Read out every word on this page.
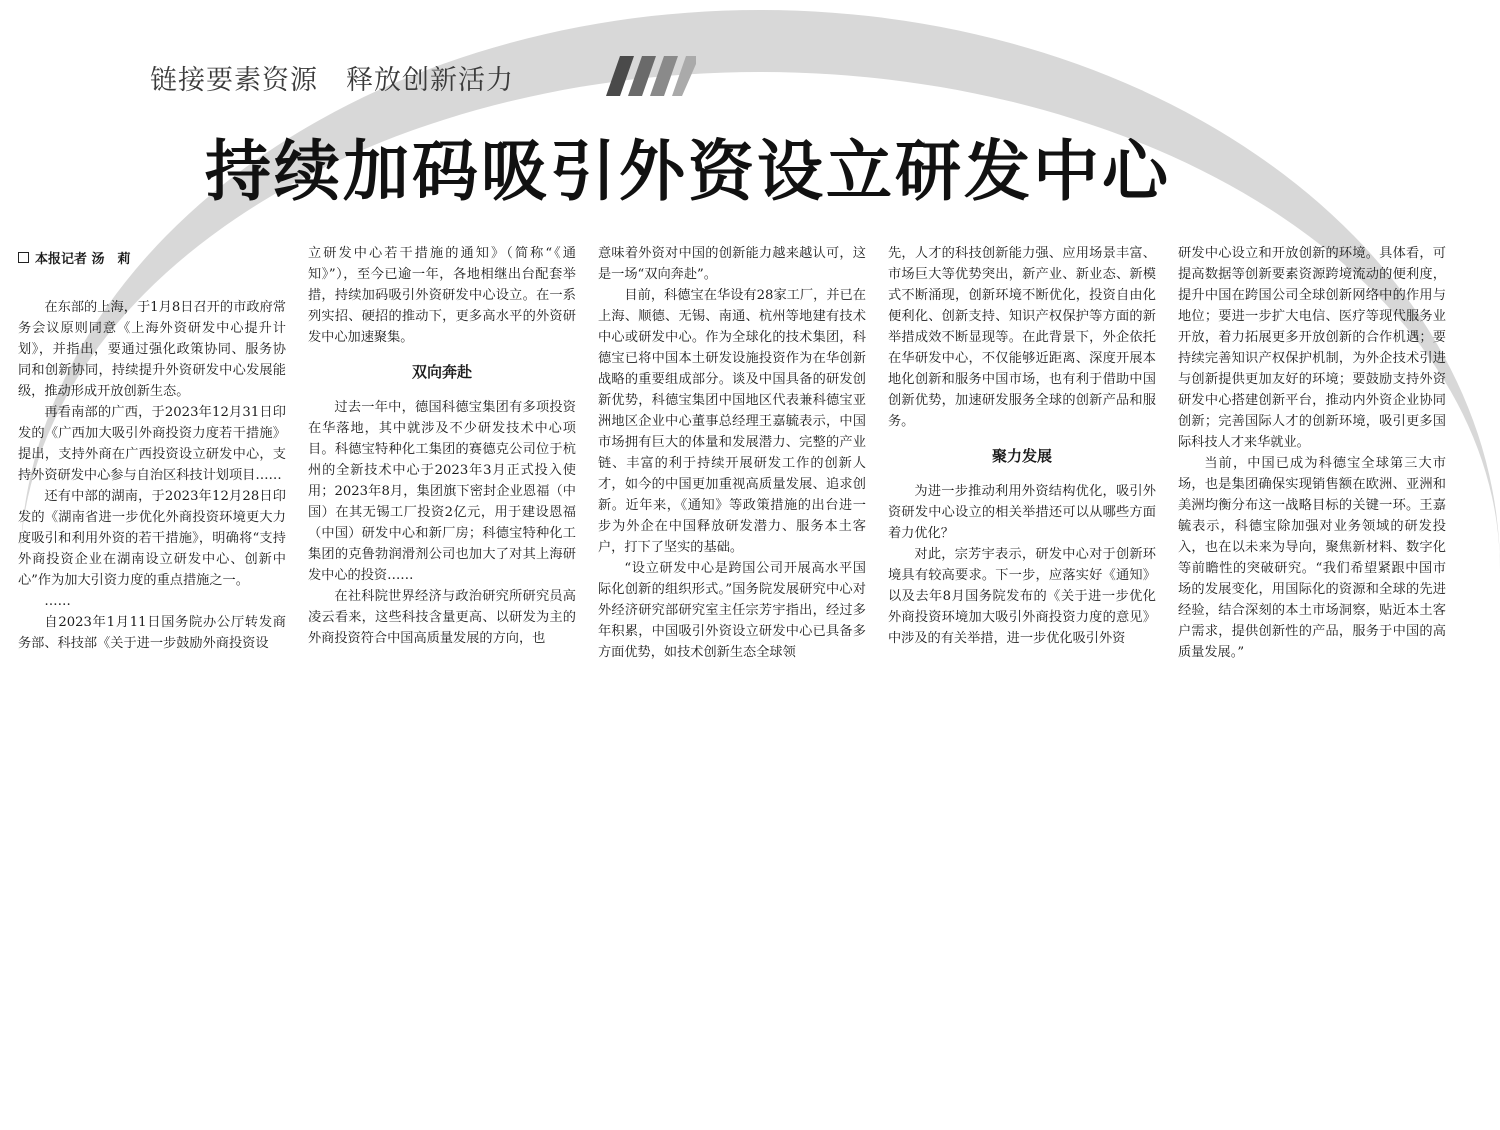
链接要素资源　释放创新活力
持续加码吸引外资设立研发中心
本报记者 汤　莉

在东部的上海，于1月8日召开的市政府常务会议原则同意《上海外资研发中心提升计划》，并指出，要通过强化政策协同、服务协同和创新协同，持续提升外资研发中心发展能级，推动形成开放创新生态。

再看南部的广西，于2023年12月31日印发的《广西加大吸引外商投资力度若干措施》提出，支持外商在广西投资设立研发中心，支持外资研发中心参与自治区科技计划项目……

还有中部的湖南，于2023年12月28日印发的《湖南省进一步优化外商投资环境更大力度吸引和利用外资的若干措施》，明确将“支持外商投资企业在湖南设立研发中心、创新中心”作为加大引资力度的重点措施之一。

……

自2023年1月11日国务院办公厅转发商务部、科技部《关于进一步鼓励外商投资设

立研发中心若干措施的通知》（简称“《通知》”），至今已逾一年，各地相继出台配套举措，持续加码吸引外资研发中心设立。在一系列实招、硬招的推动下，更多高水平的外资研发中心加速聚集。

双向奔赴

过去一年中，德国科德宝集团有多项投资在华落地，其中就涉及不少研发技术中心项目。科德宝特种化工集团的赛德克公司位于杭州的全新技术中心于2023年3月正式投入使用；2023年8月，集团旗下密封企业恩福（中国）在其无锡工厂投资2亿元，用于建设恩福（中国）研发中心和新厂房；科德宝特种化工集团的克鲁勃润滑剂公司也加大了对其上海研发中心的投资……

在社科院世界经济与政治研究所研究员高凌云看来，这些科技含量更高、以研发为主的外商投资符合中国高质量发展的方向，也

意味着外资对中国的创新能力越来越认可，这是一场“双向奔赴”。

目前，科德宝在华设有28家工厂，并已在上海、顺德、无锡、南通、杭州等地建有技术中心或研发中心。作为全球化的技术集团，科德宝已将中国本土研发设施投资作为在华创新战略的重要组成部分。谈及中国具备的研发创新优势，科德宝集团中国地区代表兼科德宝亚洲地区企业中心董事总经理王嘉毓表示，中国市场拥有巨大的体量和发展潜力、完整的产业链、丰富的利于持续开展研发工作的创新人才，如今的中国更加重视高质量发展、追求创新。近年来，《通知》等政策措施的出台进一步为外企在中国释放研发潜力、服务本土客户，打下了坚实的基础。

“设立研发中心是跨国公司开展高水平国际化创新的组织形式。”国务院发展研究中心对外经济研究部研究室主任宗芳宇指出，经过多年积累，中国吸引外资设立研发中心已具备多方面优势，如技术创新生态全球领

先，人才的科技创新能力强、应用场景丰富、市场巨大等优势突出，新产业、新业态、新模式不断涌现，创新环境不断优化，投资自由化便利化、创新支持、知识产权保护等方面的新举措成效不断显现等。在此背景下，外企依托在华研发中心，不仅能够近距离、深度开展本地化创新和服务中国市场，也有利于借助中国创新优势，加速研发服务全球的创新产品和服务。

聚力发展

为进一步推动利用外资结构优化，吸引外资研发中心设立的相关举措还可以从哪些方面着力优化？

对此，宗芳宇表示，研发中心对于创新环境具有较高要求。下一步，应落实好《通知》以及去年8月国务院发布的《关于进一步优化外商投资环境加大吸引外商投资力度的意见》中涉及的有关举措，进一步优化吸引外资

研发中心设立和开放创新的环境。具体看，可提高数据等创新要素资源跨境流动的便利度，提升中国在跨国公司全球创新网络中的作用与地位；要进一步扩大电信、医疗等现代服务业开放，着力拓展更多开放创新的合作机遇；要持续完善知识产权保护机制，为外企技术引进与创新提供更加友好的环境；要鼓励支持外资研发中心搭建创新平台，推动内外资企业协同创新；完善国际人才的创新环境，吸引更多国际科技人才来华就业。

当前，中国已成为科德宝全球第三大市场，也是集团确保实现销售额在欧洲、亚洲和美洲均衡分布这一战略目标的关键一环。王嘉毓表示，科德宝除加强对业务领域的研发投入，也在以未来为导向，聚焦新材料、数字化等前瞻性的突破研究。“我们希望紧跟中国市场的发展变化，用国际化的资源和全球的先进经验，结合深刻的本土市场洞察，贴近本土客户需求，提供创新性的产品，服务于中国的高质量发展。”
